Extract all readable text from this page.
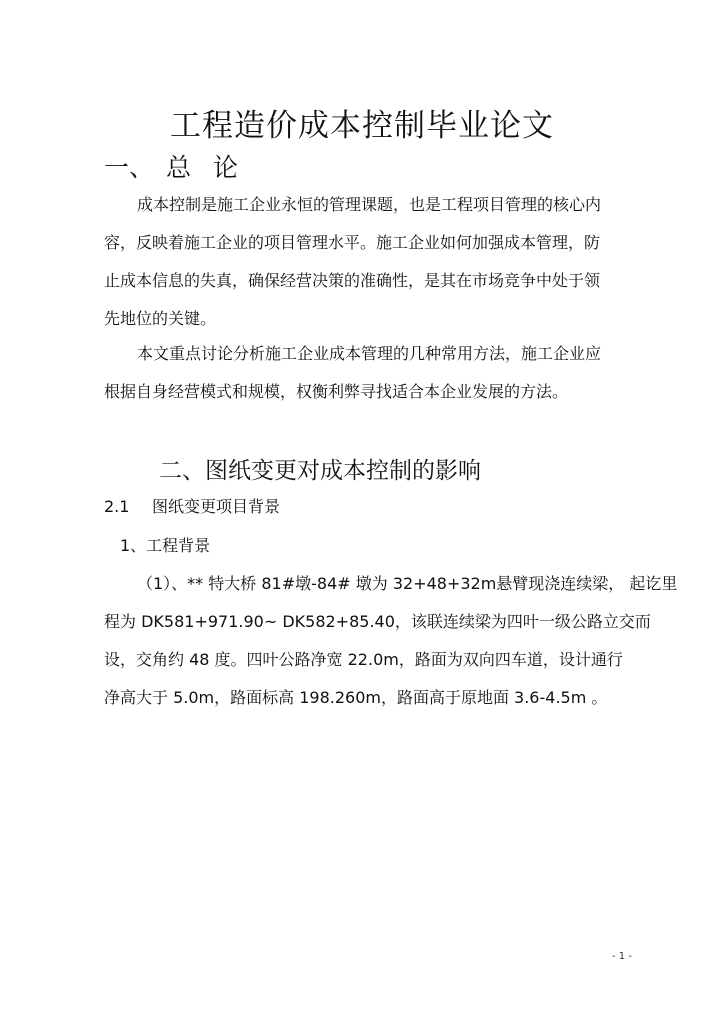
工程造价成本控制毕业论文
一、 总 论

成本控制是施工企业永恒的管理课题，也是工程项目管理的核心内

容，反映着施工企业的项目管理水平。施工企业如何加强成本管理，防

止成本信息的失真，确保经营决策的准确性，是其在市场竞争中处于领

先地位的关键。

本文重点讨论分析施工企业成本管理的几种常用方法，施工企业应

根据自身经营模式和规模，权衡利弊寻找适合本企业发展的方法。

二、图纸变更对成本控制的影响
2.1 图纸变更项目背景
1、工程背景

（1）、** 特大桥 81#墩-84# 墩为 32+48+32m悬臂现浇连续梁， 起讫里

程为 DK581+971.90~ DK582+85.40，该联连续梁为四叶一级公路立交而

设，交角约 48 度。四叶公路净宽 22.0m，路面为双向四车道，设计通行

净高大于 5.0m，路面标高 198.260m，路面高于原地面 3.6-4.5m 。

- 1 -
